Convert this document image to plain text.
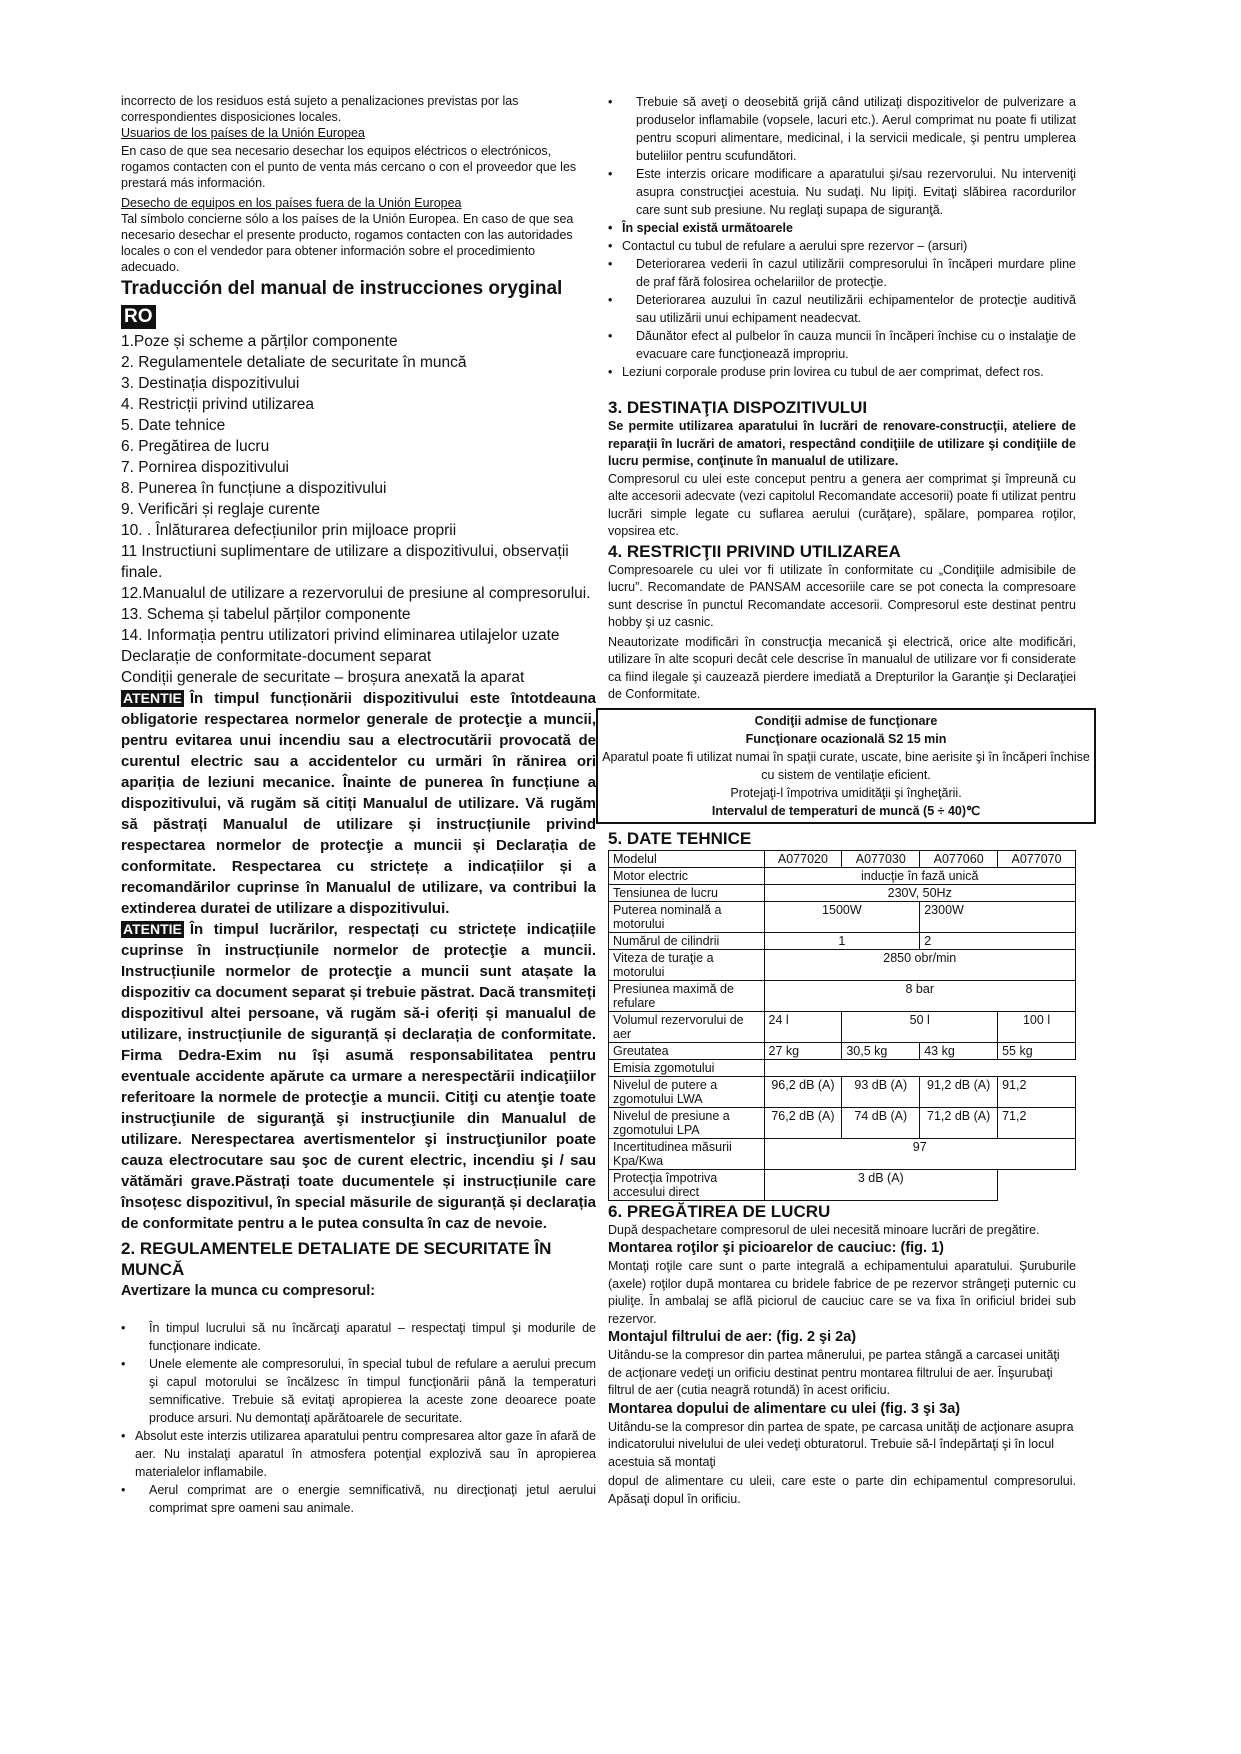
incorrecto de los residuos está sujeto a penalizaciones previstas por las correspondientes disposiciones locales.

Usuarios de los países de la Unión Europea

En caso de que sea necesario desechar los equipos eléctricos o electrónicos, rogamos contacten con el punto de venta más cercano o con el proveedor que les prestará más información.

Desecho de equipos en los países fuera de la Unión Europea

Tal símbolo concierne sólo a los países de la Unión Europea. En caso de que sea necesario desechar el presente producto, rogamos contacten con las autoridades locales o con el vendedor para obtener información sobre el procedimiento adecuado.

Traducción del manual de instrucciones oryginal

RO

1.Poze și scheme a părților componente

2. Regulamentele detaliate de securitate în muncă

3. Destinația dispozitivului

4. Restricții privind utilizarea

5. Date tehnice

6. Pregătirea de lucru

7. Pornirea dispozitivului

8. Punerea în funcțiune a dispozitivului

9. Verificări și reglaje curente

10. . Înlăturarea defecțiunilor prin mijloace proprii

11 Instructiuni suplimentare de utilizare a dispozitivului, observații finale.

12.Manualul de utilizare a rezervorului de presiune al compresorului.

13. Schema și tabelul părților componente

14. Informația pentru utilizatori privind eliminarea utilajelor uzate

Declarație de conformitate-document separat

Condiții generale de securitate – broșura anexată la aparat

ATENTIE În timpul funcționării dispozitivului este întotdeauna obligatorie respectarea normelor generale de protecţie a muncii, pentru evitarea unui incendiu sau a electrocutării provocată de curentul electric sau a accidentelor cu urmări în rănirea ori apariția de leziuni mecanice. Înainte de punerea în funcțiune a dispozitivului, vă rugăm să citiți Manualul de utilizare. Vă rugăm să păstrați Manualul de utilizare și instrucțiunile privind respectarea normelor de protecţie a muncii și Declarația de conformitate. Respectarea cu strictețe a indicațiilor și a recomandărilor cuprinse în Manualul de utilizare, va contribui la extinderea duratei de utilizare a dispozitivului.

ATENTIE În timpul lucrărilor, respectați cu strictețe indicațiile cuprinse în instrucțiunile normelor de protecţie a muncii. Instrucțiunile normelor de protecţie a muncii sunt atașate la dispozitiv ca document separat și trebuie păstrat. Dacă transmiteți dispozitivul altei persoane, vă rugăm să-i oferiți și manualul de utilizare, instrucțiunile de siguranță și declarația de conformitate. Firma Dedra-Exim nu își asumă responsabilitatea pentru eventuale accidente apărute ca urmare a nerespectării indicaţiilor referitoare la normele de protecţie a muncii. Citiţi cu atenţie toate instrucţiunile de siguranţă şi instrucţiunile din Manualul de utilizare. Nerespectarea avertismentelor şi instrucţiunilor poate cauza electrocutare sau şoc de curent electric, incendiu şi / sau vătămări grave.Păstrați toate ducumentele și instrucțiunile care însoțesc dispozitivul, în special măsurile de siguranță și declarația de conformitate pentru a le putea consulta în caz de nevoie.

2. REGULAMENTELE DETALIATE DE SECURITATE ÎN MUNCĂ

Avertizare la munca cu compresorul:

• În timpul lucrului să nu încărcaţi aparatul – respectaţi timpul şi modurile de funcţionare indicate.
• Unele elemente ale compresorului, în special tubul de refulare a aerului precum şi capul motorului se încălzesc în timpul funcţionării până la temperaturi semnificative. Trebuie să evitaţi apropierea la aceste zone deoarece poate produce arsuri. Nu demontaţi apărătoarele de securitate.
• Absolut este interzis utilizarea aparatului pentru compresarea altor gaze în afară de aer. Nu instalaţi aparatul în atmosfera potenţial explozivă sau în apropierea materialelor inflamabile.
• Aerul comprimat are o energie semnificativă, nu direcţionaţi jetul aerului comprimat spre oameni sau animale.
• Trebuie să aveţi o deosebită grijă când utilizaţi dispozitivelor de pulverizare a produselor inflamabile (vopsele, lacuri etc.). Aerul comprimat nu poate fi utilizat pentru scopuri alimentare, medicinal, i la servicii medicale, şi pentru umplerea buteliilor pentru scufundători.
• Este interzis oricare modificare a aparatului şi/sau rezervorului. Nu interveniţi asupra construcţiei acestuia. Nu sudaţi. Nu lipiţi. Evitaţi slăbirea racordurilor care sunt sub presiune. Nu reglaţi supapa de siguranţă.
• În special există următoarele
• Contactul cu tubul de refulare a aerului spre rezervor – (arsuri)
• Deteriorarea vederii în cazul utilizării compresorului în încăperi murdare pline de praf fără folosirea ochelariilor de protecţie.
• Deteriorarea auzului în cazul neutilizării echipamentelor de protecţie auditivă sau utilizării unui echipament neadecvat.
• Dăunător efect al pulbelor în cauza muncii în încăperi închise cu o instalaţie de evacuare care funcţionează impropriu.
• Leziuni corporale produse prin lovirea cu tubul de aer comprimat, defect ros.

3. DESTINAŢIA DISPOZITIVULUI

Se permite utilizarea aparatului în lucrări de renovare-construcţii, ateliere de reparaţii în lucrări de amatori, respectând condiţiile de utilizare şi condiţiile de lucru permise, conţinute în manualul de utilizare.

Compresorul cu ulei este conceput pentru a genera aer comprimat şi împreună cu alte accesorii adecvate (vezi capitolul Recomandate accesorii) poate fi utilizat pentru lucrări simple legate cu suflarea aerului (curăţare), spălare, pomparea roţilor, vopsirea etc.

4. RESTRICŢII PRIVIND UTILIZAREA

Compresoarele cu ulei vor fi utilizate în conformitate cu „Condiţiile admisibile de lucru”. Recomandate de PANSAM accesoriile care se pot conecta la compresoare sunt descrise în punctul Recomandate accesorii. Compresorul este destinat pentru hobby şi uz casnic.

Neautorizate modificări în construcţia mecanică şi electrică, orice alte modificări, utilizare în alte scopuri decât cele descrise în manualul de utilizare vor fi considerate ca fiind ilegale şi cauzează pierdere imediată a Drepturilor la Garanţie şi Declaraţiei de Conformitate.

Condiţii admise de funcţionare

Funcţionare ocazională S2 15 min

Aparatul poate fi utilizat numai în spaţii curate, uscate, bine aerisite şi în încăperi închise cu sistem de ventilaţie eficient.

Protejaţi-l împotriva umidităţii şi îngheţării.

Intervalul de temperaturi de muncă (5 ÷ 40)℃

5. DATE TEHNICE

Modelul	A077020	A077030	A077060	A077070
Motor electric	inducţie în fază unică			
Tensiunea de lucru	230V, 50Hz			
Puterea nominală a motorului	1500W		2300W	
Numărul de cilindrii	1		2	
Viteza de turaţie a motorului	2850 obr/min			
Presiunea maximă de refulare	8 bar			
Volumul rezervorului de aer	24 l	50 l		100 l
Greutatea	27 kg	30,5 kg	43 kg	55 kg
Emisia zgomotului				
Nivelul de putere a zgomotului LWA	96,2 dB (A)	93 dB (A)	91,2 dB (A)	91,2
Nivelul de presiune a zgomotului LPA	76,2 dB (A)	74 dB (A)	71,2 dB (A)	71,2
Incertitudinea măsurii Kpa/Kwa	97			
Protecţia împotriva accesului direct	3 dB (A)			

6. PREGĂTIREA DE LUCRU

După despachetare compresorul de ulei necesită minoare lucrări de pregătire.

Montarea roţilor şi picioarelor de cauciuc: (fig. 1)

Montaţi roţile care sunt o parte integrală a echipamentului aparatului. Şuruburile (axele) roţilor după montarea cu bridele fabrice de pe rezervor strângeţi puternic cu piuliţe. În ambalaj se află piciorul de cauciuc care se va fixa în orificiul bridei sub rezervor.

Montajul filtrului de aer: (fig. 2 şi 2a)

Uitându-se la compresor din partea mânerului, pe partea stângă a carcasei unităţi de acţionare vedeţi un orificiu destinat pentru montarea filtrului de aer. Înşurubaţi filtrul de aer (cutia neagră rotundă) în acest orificiu.

Montarea dopului de alimentare cu ulei (fig. 3 şi 3a)

Uitându-se la compresor din partea de spate, pe carcasa unităţi de acţionare asupra indicatorului nivelului de ulei vedeţi obturatorul. Trebuie să-l îndepărtaţi şi în locul acestuia să montaţi

dopul de alimentare cu uleii, care este o parte din echipamentul compresorului. Apăsaţi dopul în orificiu.
